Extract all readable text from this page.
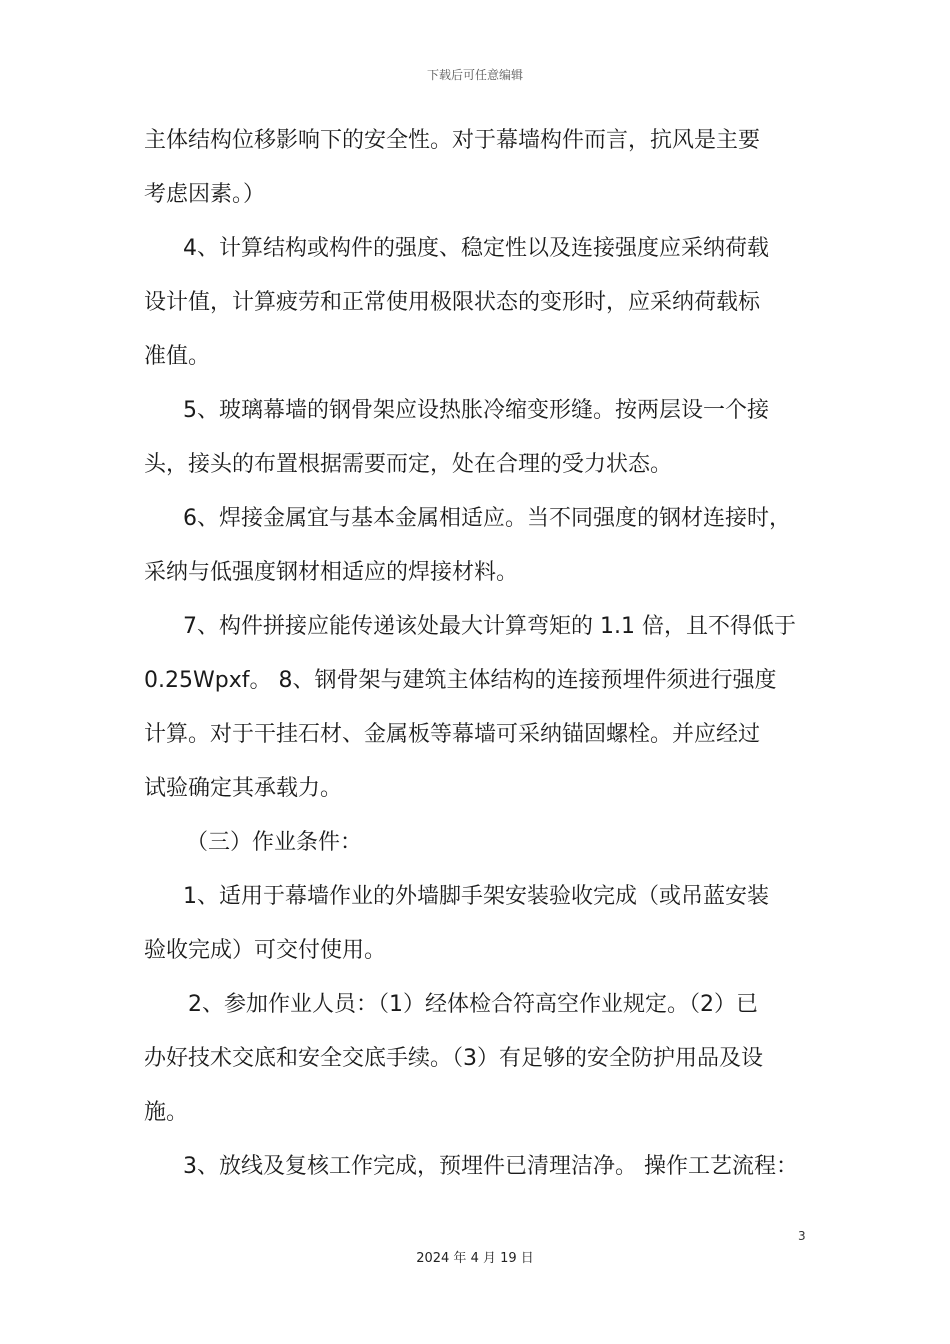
下载后可任意编辑
主体结构位移影响下的安全性。对于幕墙构件而言，抗风是主要
考虑因素。）
4、计算结构或构件的强度、稳定性以及连接强度应采纳荷载
设计值，计算疲劳和正常使用极限状态的变形时，应采纳荷载标
准值。
5、玻璃幕墙的钢骨架应设热胀冷缩变形缝。按两层设一个接
头，接头的布置根据需要而定，处在合理的受力状态。
6、焊接金属宜与基本金属相适应。当不同强度的钢材连接时，
采纳与低强度钢材相适应的焊接材料。
7、构件拼接应能传递该处最大计算弯矩的 1.1 倍，且不得低于
0.25Wpxf。 8、钢骨架与建筑主体结构的连接预埋件须进行强度
计算。对于干挂石材、金属板等幕墙可采纳锚固螺栓。并应经过
试验确定其承载力。
（三）作业条件：
1、适用于幕墙作业的外墙脚手架安装验收完成（或吊蓝安装
验收完成）可交付使用。
2、参加作业人员：（1）经体检合符高空作业规定。（2）已
办好技术交底和安全交底手续。（3）有足够的安全防护用品及设
施。
3、放线及复核工作完成，预埋件已清理洁净。 操作工艺流程：
3
2024 年 4 月 19 日
